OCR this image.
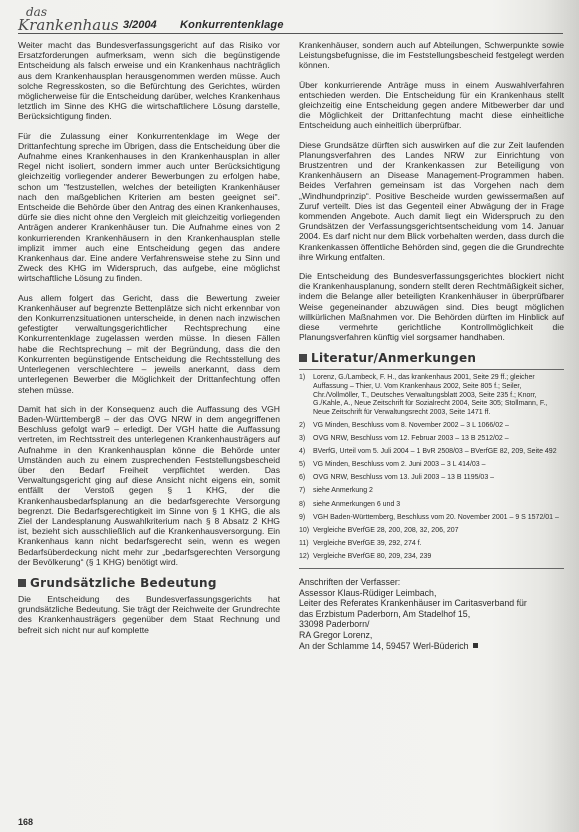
das
Krankenhaus 3/2004 Konkurrentenklage

Weiter macht das Bundesverfassungsgericht auf das Risiko vor Ersatzforderungen aufmerksam, wenn sich die begünstigende Entscheidung als falsch erweise und ein Krankenhaus nachträglich aus dem Krankenhausplan herausgenommen werden müsse. Auch solche Regresskosten, so die Befürchtung des Gerichtes, würden möglicherweise für die Entscheidung darüber, welches Krankenhaus letztlich im Sinne des KHG die wirtschaftlichere Lösung darstelle, Berücksichtigung finden.

Für die Zulassung einer Konkurrentenklage im Wege der Drittanfechtung spreche im Übrigen, dass die Entscheidung über die Aufnahme eines Krankenhauses in den Krankenhausplan in aller Regel nicht isoliert, sondern immer auch unter Berücksichtigung gleichzeitig vorliegender anderer Bewerbungen zu erfolgen habe, schon um "festzustellen, welches der beteiligten Krankenhäuser nach den maßgeblichen Kriterien am besten geeignet sei". Entscheide die Behörde über den Antrag des einen Krankenhauses, dürfe sie dies nicht ohne den Vergleich mit gleichzeitig vorliegenden Anträgen anderer Krankenhäuser tun. Die Aufnahme eines von 2 konkurrierenden Krankenhäusern in den Krankenhausplan stelle implizit immer auch eine Entscheidung gegen das andere Krankenhaus dar. Eine andere Verfahrensweise stehe zu Sinn und Zweck des KHG im Widerspruch, das aufgebe, eine möglichst wirtschaftliche Lösung zu finden.

Aus allem folgert das Gericht, dass die Bewertung zweier Krankenhäuser auf begrenzte Bettenplätze sich nicht erkennbar von den Konkurrenzsituationen unterscheide, in denen nach inzwischen gefestigter verwaltungsgerichtlicher Rechtsprechung eine Konkurrentenklage zugelassen werden müsse. In diesen Fällen habe die Rechtsprechung – mit der Begründung, dass die den Konkurrenten begünstigende Entscheidung die Rechtsstellung des Unterlegenen verschlechtere – jeweils anerkannt, dass dem unterlegenen Bewerber die Möglichkeit der Drittanfechtung offen stehen müsse.

Damit hat sich in der Konsequenz auch die Auffassung des VGH Baden-Württemberg8 – der das OVG NRW in dem angegriffenen Beschluss gefolgt war9 – erledigt. Der VGH hatte die Auffassung vertreten, im Rechtsstreit des unterlegenen Krankenhausträgers auf Aufnahme in den Krankenhausplan könne die Behörde unter Umständen auch zu einem zusprechenden Feststellungsbescheid über den Bedarf Freiheit verpflichtet werden. Das Verwaltungsgericht ging auf diese Ansicht nicht eigens ein, somit entfällt der Verstoß gegen § 1 KHG, der die Krankenhausbedarfsplanung an die bedarfsgerechte Versorgung begrenzt. Die Bedarfsgerechtigkeit im Sinne von § 1 KHG, die als Ziel der Landesplanung Auswahlkriterium nach § 8 Absatz 2 KHG ist, bezieht sich ausschließlich auf die Krankenhausversorgung. Ein Krankenhaus kann nicht bedarfsgerecht sein, wenn es wegen Bedarfsüberdeckung nicht mehr zur „bedarfsgerechten Versorgung der Bevölkerung“ (§ 1 KHG) benötigt wird.

Grundsätzliche Bedeutung

Die Entscheidung des Bundesverfassungsgerichts hat grundsätzliche Bedeutung. Sie trägt der Reichweite der Grundrechte des Krankenhausträgers gegenüber dem Staat Rechnung und befreit sich nicht nur auf komplette

Krankenhäuser, sondern auch auf Abteilungen, Schwerpunkte sowie Leistungsbefugnisse, die im Feststellungsbescheid festgelegt werden können.

Über konkurrierende Anträge muss in einem Auswahlverfahren entschieden werden. Die Entscheidung für ein Krankenhaus stellt gleichzeitig eine Entscheidung gegen andere Mitbewerber dar und die Möglichkeit der Drittanfechtung macht diese einheitliche Entscheidung auch einheitlich überprüfbar.

Diese Grundsätze dürften sich auswirken auf die zur Zeit laufenden Planungsverfahren des Landes NRW zur Einrichtung von Brustzentren und der Krankenkassen zur Beteiligung von Krankenhäusern an Disease Management-Programmen haben. Beides Verfahren gemeinsam ist das Vorgehen nach dem „Windhundprinzip“. Positive Bescheide wurden gewissermaßen auf Zuruf verteilt. Dies ist das Gegenteil einer Abwägung der in Frage kommenden Angebote. Auch damit liegt ein Widerspruch zu den Grundsätzen der Verfassungsgerichtsentscheidung vom 14. Januar 2004. Es darf nicht nur dem Blick vorbehalten werden, dass durch die Krankenkassen öffentliche Behörden sind, gegen die die Grundrechte ihre Wirkung entfalten.

Die Entscheidung des Bundesverfassungsgerichtes blockiert nicht die Krankenhausplanung, sondern stellt deren Rechtmäßigkeit sicher, indem die Belange aller beteiligten Krankenhäuser in überprüfbarer Weise gegeneinander abzuwägen sind. Dies beugt möglichen willkürlichen Maßnahmen vor. Die Behörden dürften im Hinblick auf diese vermehrte gerichtliche Kontrollmöglichkeit die Planungsverfahren künftig viel sorgsamer handhaben.

Literatur/Anmerkungen
1)	Lorenz, G./Lambeck, F. H., das krankenhaus 2001, Seite 29 ff.; gleicher Auffassung – Thier, U. Vom Krankenhaus 2002, Seite 805 f.; Seiler, Chr./Vollmöller, T., Deutsches Verwaltungsblatt 2003, Seite 235 f.; Knorr, G./Kahle, A., Neue Zeitschrift für Sozialrecht 2004, Seite 305; Stollmann, F., Neue Zeitschrift für Verwaltungsrecht 2003, Seite 1471 ff.
2)	VG Minden, Beschluss vom 8. November 2002 – 3 L 1066/02 –
3)	OVG NRW, Beschluss vom 12. Februar 2003 – 13 B 2512/02 –
4)	BVerfG, Urteil vom 5. Juli 2004 – 1 BvR 2508/03 – BVerfGE 82, 209, Seite 492
5)	VG Minden, Beschluss vom 2. Juni 2003 – 3 L 414/03 –
6)	OVG NRW, Beschluss vom 13. Juli 2003 – 13 B 1195/03 –
7)	siehe Anmerkung 2
8)	siehe Anmerkungen 6 und 3
9)	VGH Baden-Württemberg, Beschluss vom 20. November 2001 – 9 S 1572/01 –
10) Vergleiche BVerfGE 28, 200, 208, 32, 206, 207
11) Vergleiche BVerfGE 39, 292, 274 f.
12) Vergleiche BVerfGE 80, 209, 234, 239
Anschriften der Verfasser:
Assessor Klaus-Rüdiger Leimbach,
Leiter des Referates Krankenhäuser im Caritasverband für
das Erzbistum Paderborn, Am Stadelhof 15,
33098 Paderborn/
RA Gregor Lorenz,
An der Schlamme 14, 59457 Werl-Büderich
168
